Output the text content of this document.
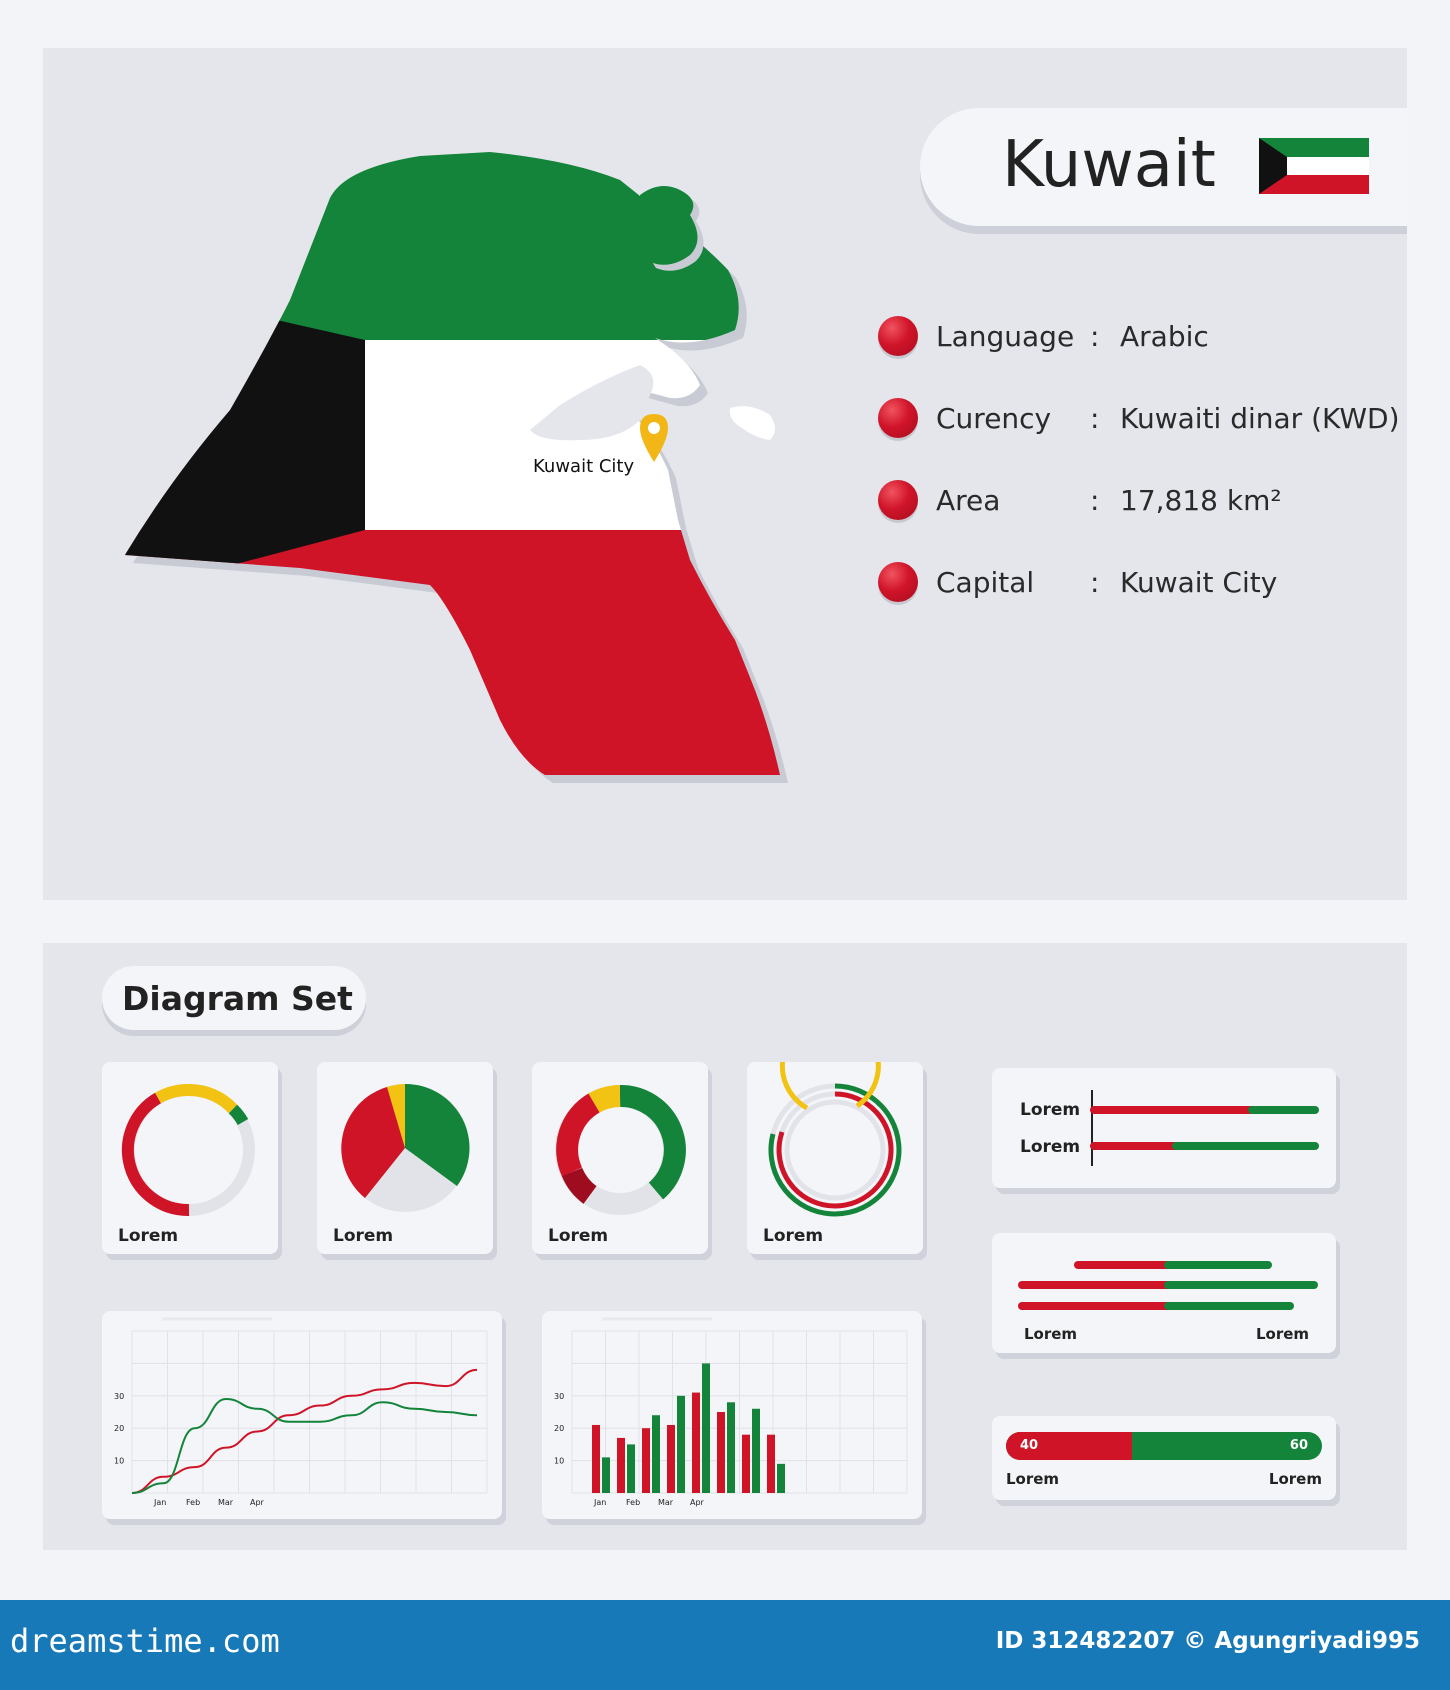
Kuwait City
Kuwait
Language : Arabic
Curency : Kuwaiti dinar (KWD)
Area	: 17,818 km²
Capital : Kuwait City
Diagram Set
Lorem	Lorem	Lorem	Lorem
10
20
30
Jan Feb Mar Apr
10
20
30
Jan Feb Mar Apr
Lorem
Lorem
Lorem	Lorem
40	60
Lorem	Lorem
dreamstime.com	ID 312482207 © Agungriyadi995
